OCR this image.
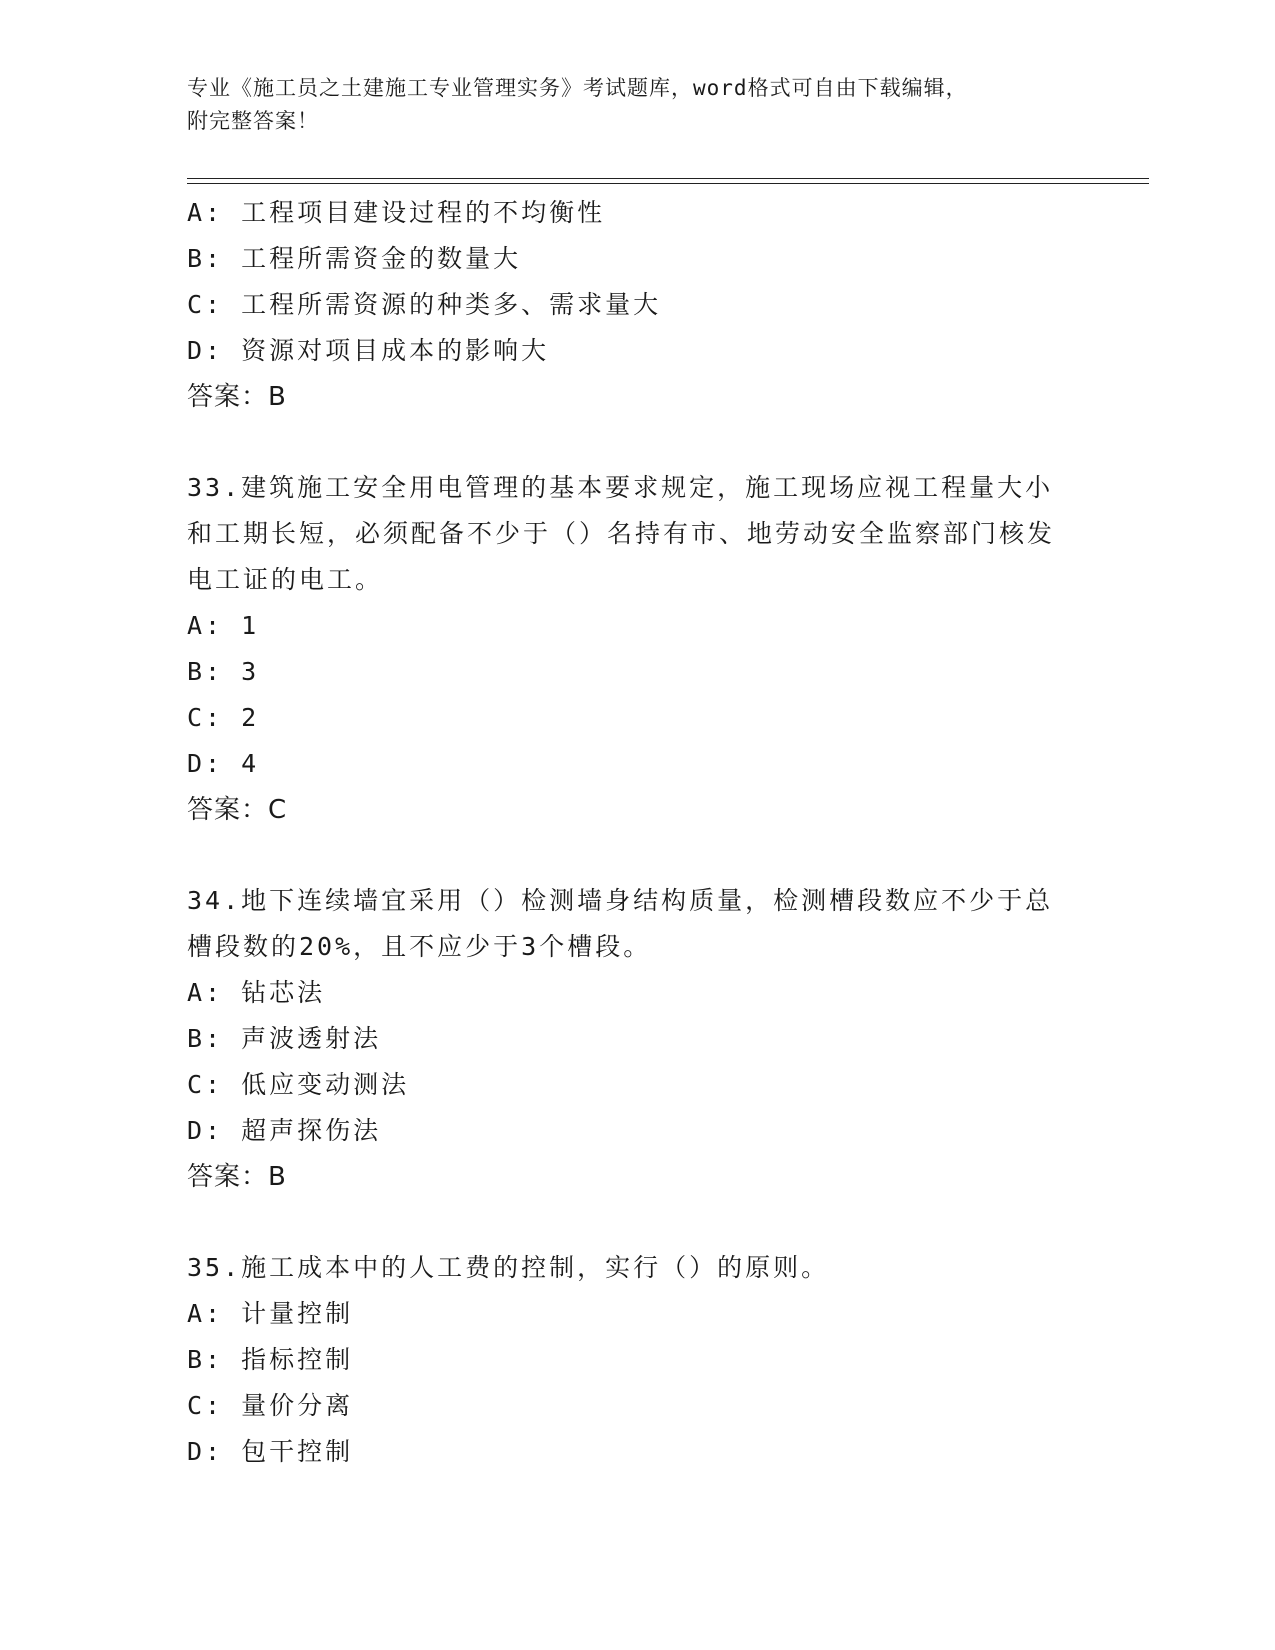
专业《施工员之土建施工专业管理实务》考试题库，word格式可自由下载编辑，
附完整答案！
A: 工程项目建设过程的不均衡性
B: 工程所需资金的数量大
C: 工程所需资源的种类多、需求量大
D: 资源对项目成本的影响大
答案：B
33.建筑施工安全用电管理的基本要求规定，施工现场应视工程量大小和工期长短，必须配备不少于（）名持有市、地劳动安全监察部门核发电工证的电工。
A: 1
B: 3
C: 2
D: 4
答案：C
34.地下连续墙宜采用（）检测墙身结构质量，检测槽段数应不少于总槽段数的20%，且不应少于3个槽段。
A: 钻芯法
B: 声波透射法
C: 低应变动测法
D: 超声探伤法
答案：B
35.施工成本中的人工费的控制，实行（）的原则。
A: 计量控制
B: 指标控制
C: 量价分离
D: 包干控制
